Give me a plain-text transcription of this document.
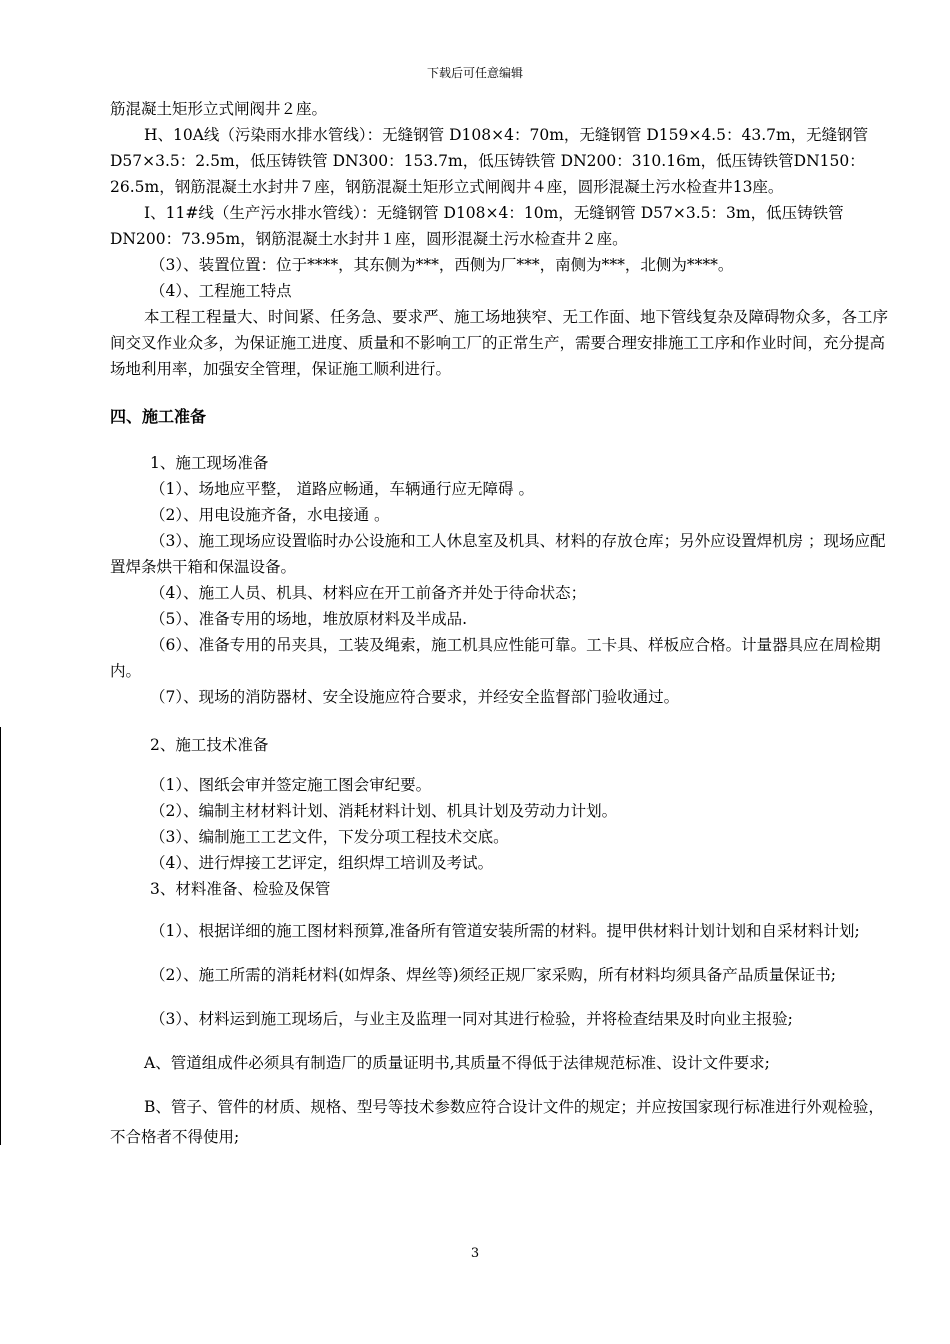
下载后可任意编辑

筋混凝土矩形立式闸阀井２座。

H、10A线（污染雨水排水管线）：无缝钢管 D108×4：70m，无缝钢管 D159×4.5：43.7m，无缝钢管 D57×3.5：2.5m，低压铸铁管 DN300：153.7m，低压铸铁管 DN200：310.16m，低压铸铁管DN150：26.5m，钢筋混凝土水封井７座，钢筋混凝土矩形立式闸阀井４座，圆形混凝土污水检查井13座。

I、11#线（生产污水排水管线）：无缝钢管 D108×4：10m，无缝钢管 D57×3.5：3m，低压铸铁管 DN200：73.95m，钢筋混凝土水封井１座，圆形混凝土污水检查井２座。

（3）、装置位置：位于****，其东侧为***，西侧为厂***，南侧为***，北侧为****。

（4）、工程施工特点

本工程工程量大、时间紧、任务急、要求严、施工场地狭窄、无工作面、地下管线复杂及障碍物众多，各工序间交叉作业众多，为保证施工进度、质量和不影响工厂的正常生产，需要合理安排施工工序和作业时间，充分提高场地利用率，加强安全管理，保证施工顺利进行。

四、施工准备

1、施工现场准备

（1）、场地应平整， 道路应畅通，车辆通行应无障碍 。

（2）、用电设施齐备，水电接通 。

（3）、施工现场应设置临时办公设施和工人休息室及机具、材料的存放仓库；另外应设置焊机房 ；现场应配置焊条烘干箱和保温设备。

（4）、施工人员、机具、材料应在开工前备齐并处于待命状态；

（5）、准备专用的场地，堆放原材料及半成品.

（6）、准备专用的吊夹具，工装及绳索，施工机具应性能可靠。工卡具、样板应合格。计量器具应在周检期内。

（7）、现场的消防器材、安全设施应符合要求，并经安全监督部门验收通过。

2、施工技术准备

（1）、图纸会审并签定施工图会审纪要。

（2）、编制主材材料计划、消耗材料计划、机具计划及劳动力计划。

（3）、编制施工工艺文件，下发分项工程技术交底。

（4）、进行焊接工艺评定，组织焊工培训及考试。

3、材料准备、检验及保管

（1）、根据详细的施工图材料预算,准备所有管道安装所需的材料。提甲供材料计划计划和自采材料计划;

（2）、施工所需的消耗材料(如焊条、焊丝等)须经正规厂家采购，所有材料均须具备产品质量保证书;

（3）、材料运到施工现场后，与业主及监理一同对其进行检验，并将检查结果及时向业主报验;

A、管道组成件必须具有制造厂的质量证明书,其质量不得低于法律规范标准、设计文件要求;

B、管子、管件的材质、规格、型号等技术参数应符合设计文件的规定；并应按国家现行标准进行外观检验，不合格者不得使用;

3
